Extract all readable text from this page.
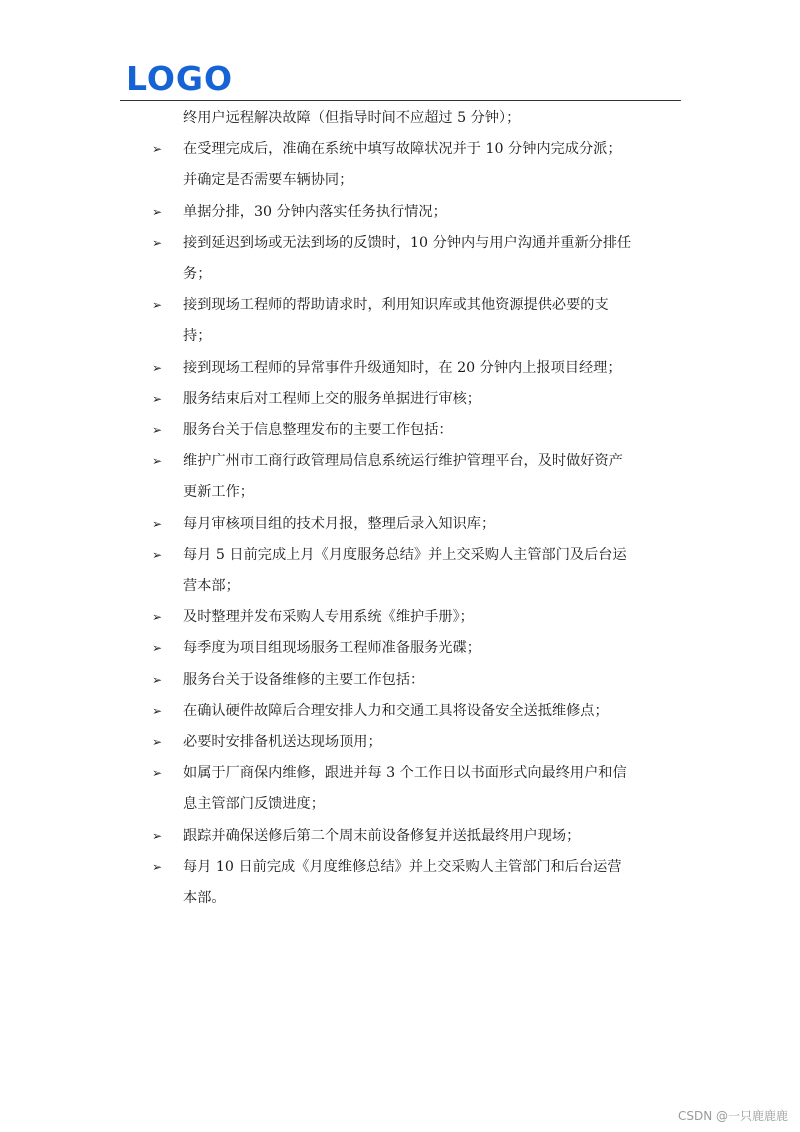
LOGO
终用户远程解决故障（但指导时间不应超过 5 分钟）；
➢ 在受理完成后，准确在系统中填写故障状况并于 10 分钟内完成分派；
并确定是否需要车辆协同；
➢ 单据分排，30 分钟内落实任务执行情况；
➢ 接到延迟到场或无法到场的反馈时，10 分钟内与用户沟通并重新分排任
务；
➢ 接到现场工程师的帮助请求时，利用知识库或其他资源提供必要的支
持；
➢ 接到现场工程师的异常事件升级通知时，在 20 分钟内上报项目经理；
➢ 服务结束后对工程师上交的服务单据进行审核；
➢ 服务台关于信息整理发布的主要工作包括：
➢ 维护广州市工商行政管理局信息系统运行维护管理平台，及时做好资产
更新工作；
➢ 每月审核项目组的技术月报，整理后录入知识库；
➢ 每月 5 日前完成上月《月度服务总结》并上交采购人主管部门及后台运
营本部；
➢ 及时整理并发布采购人专用系统《维护手册》；
➢ 每季度为项目组现场服务工程师准备服务光碟；
➢ 服务台关于设备维修的主要工作包括：
➢ 在确认硬件故障后合理安排人力和交通工具将设备安全送抵维修点；
➢ 必要时安排备机送达现场顶用；
➢ 如属于厂商保内维修，跟进并每 3 个工作日以书面形式向最终用户和信
息主管部门反馈进度；
➢ 跟踪并确保送修后第二个周末前设备修复并送抵最终用户现场；
➢ 每月 10 日前完成《月度维修总结》并上交采购人主管部门和后台运营
本部。
CSDN @一只鹿鹿鹿
